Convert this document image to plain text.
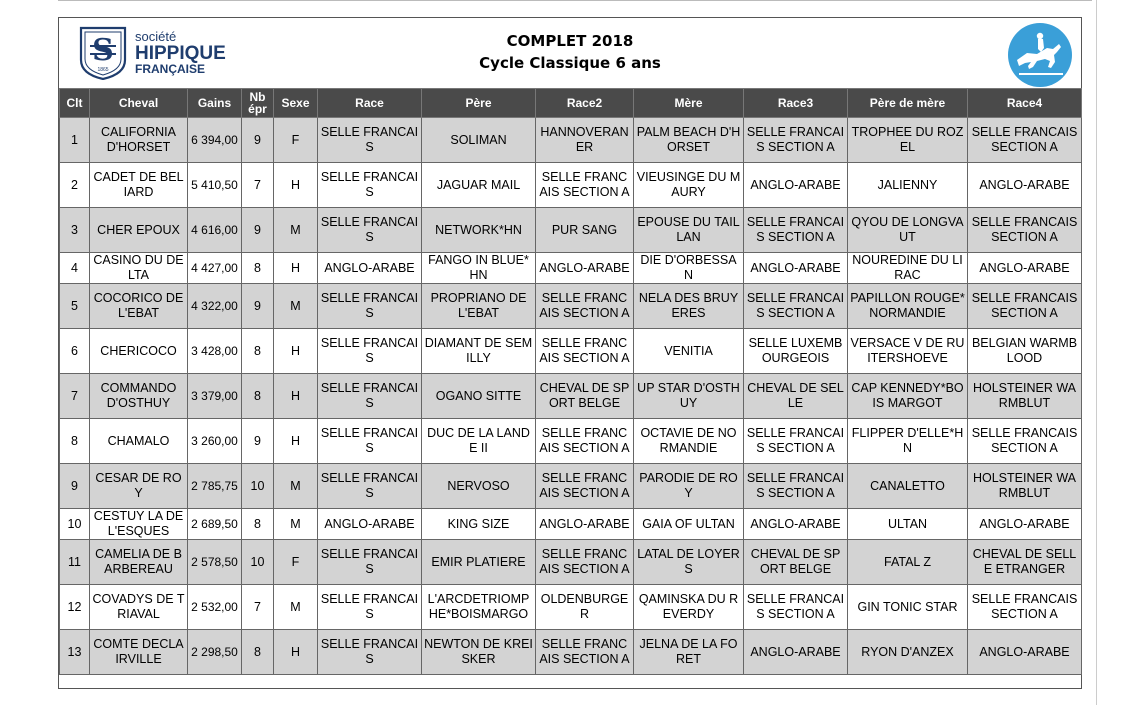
S
1865
société
HIPPIQUE
FRANÇAISE
COMPLET 2018
Cycle Classique 6 ans
Clt	Cheval	Gains	Nb épr	Sexe	Race	Père	Race2	Mère	Race3	Père de mère	Race4
1	CALIFORNIA D'HORSET	6 394,00	9	F	SELLE FRANCAIS	SOLIMAN	HANNOVERANER	PALM BEACH D'HORSET	SELLE FRANCAIS SECTION A	TROPHEE DU ROZEL	SELLE FRANCAIS SECTION A
2	CADET DE BELIARD	5 410,50	7	H	SELLE FRANCAIS	JAGUAR MAIL	SELLE FRANCAIS SECTION A	VIEUSINGE DU MAURY	ANGLO-ARABE	JALIENNY	ANGLO-ARABE
3	CHER EPOUX	4 616,00	9	M	SELLE FRANCAIS	NETWORK*HN	PUR SANG	EPOUSE DU TAILLAN	SELLE FRANCAIS SECTION A	QYOU DE LONGVAUT	SELLE FRANCAIS SECTION A
4	CASINO DU DELTA	4 427,00	8	H	ANGLO-ARABE	FANGO IN BLUE*HN	ANGLO-ARABE	DIE D'ORBESSAN	ANGLO-ARABE	NOUREDINE DU LIRAC	ANGLO-ARABE
5	COCORICO DE L'EBAT	4 322,00	9	M	SELLE FRANCAIS	PROPRIANO DE L'EBAT	SELLE FRANCAIS SECTION A	NELA DES BRUYERES	SELLE FRANCAIS SECTION A	PAPILLON ROUGE*NORMANDIE	SELLE FRANCAIS SECTION A
6	CHERICOCO	3 428,00	8	H	SELLE FRANCAIS	DIAMANT DE SEMILLY	SELLE FRANCAIS SECTION A	VENITIA	SELLE LUXEMBOURGEOIS	VERSACE V DE RUITERSHOEVE	BELGIAN WARMBLOOD
7	COMMANDO D'OSTHUY	3 379,00	8	H	SELLE FRANCAIS	OGANO SITTE	CHEVAL DE SPORT BELGE	UP STAR D'OSTHUY	CHEVAL DE SELLE	CAP KENNEDY*BOIS MARGOT	HOLSTEINER WARMBLUT
8	CHAMALO	3 260,00	9	H	SELLE FRANCAIS	DUC DE LA LANDE II	SELLE FRANCAIS SECTION A	OCTAVIE DE NORMANDIE	SELLE FRANCAIS SECTION A	FLIPPER D'ELLE*HN	SELLE FRANCAIS SECTION A
9	CESAR DE ROY	2 785,75	10	M	SELLE FRANCAIS	NERVOSO	SELLE FRANCAIS SECTION A	PARODIE DE ROY	SELLE FRANCAIS SECTION A	CANALETTO	HOLSTEINER WARMBLUT
10	CESTUY LA DE L'ESQUES	2 689,50	8	M	ANGLO-ARABE	KING SIZE	ANGLO-ARABE	GAIA OF ULTAN	ANGLO-ARABE	ULTAN	ANGLO-ARABE
11	CAMELIA DE BARBEREAU	2 578,50	10	F	SELLE FRANCAIS	EMIR PLATIERE	SELLE FRANCAIS SECTION A	LATAL DE LOYERS	CHEVAL DE SPORT BELGE	FATAL Z	CHEVAL DE SELLE ETRANGER
12	COVADYS DE TRIAVAL	2 532,00	7	M	SELLE FRANCAIS	L'ARCDETRIOMPHE*BOISMARGO	OLDENBURGER	QAMINSKA DU REVERDY	SELLE FRANCAIS SECTION A	GIN TONIC STAR	SELLE FRANCAIS SECTION A
13	COMTE DECLAIRVILLE	2 298,50	8	H	SELLE FRANCAIS	NEWTON DE KREISKER	SELLE FRANCAIS SECTION A	JELNA DE LA FORET	ANGLO-ARABE	RYON D'ANZEX	ANGLO-ARABE
